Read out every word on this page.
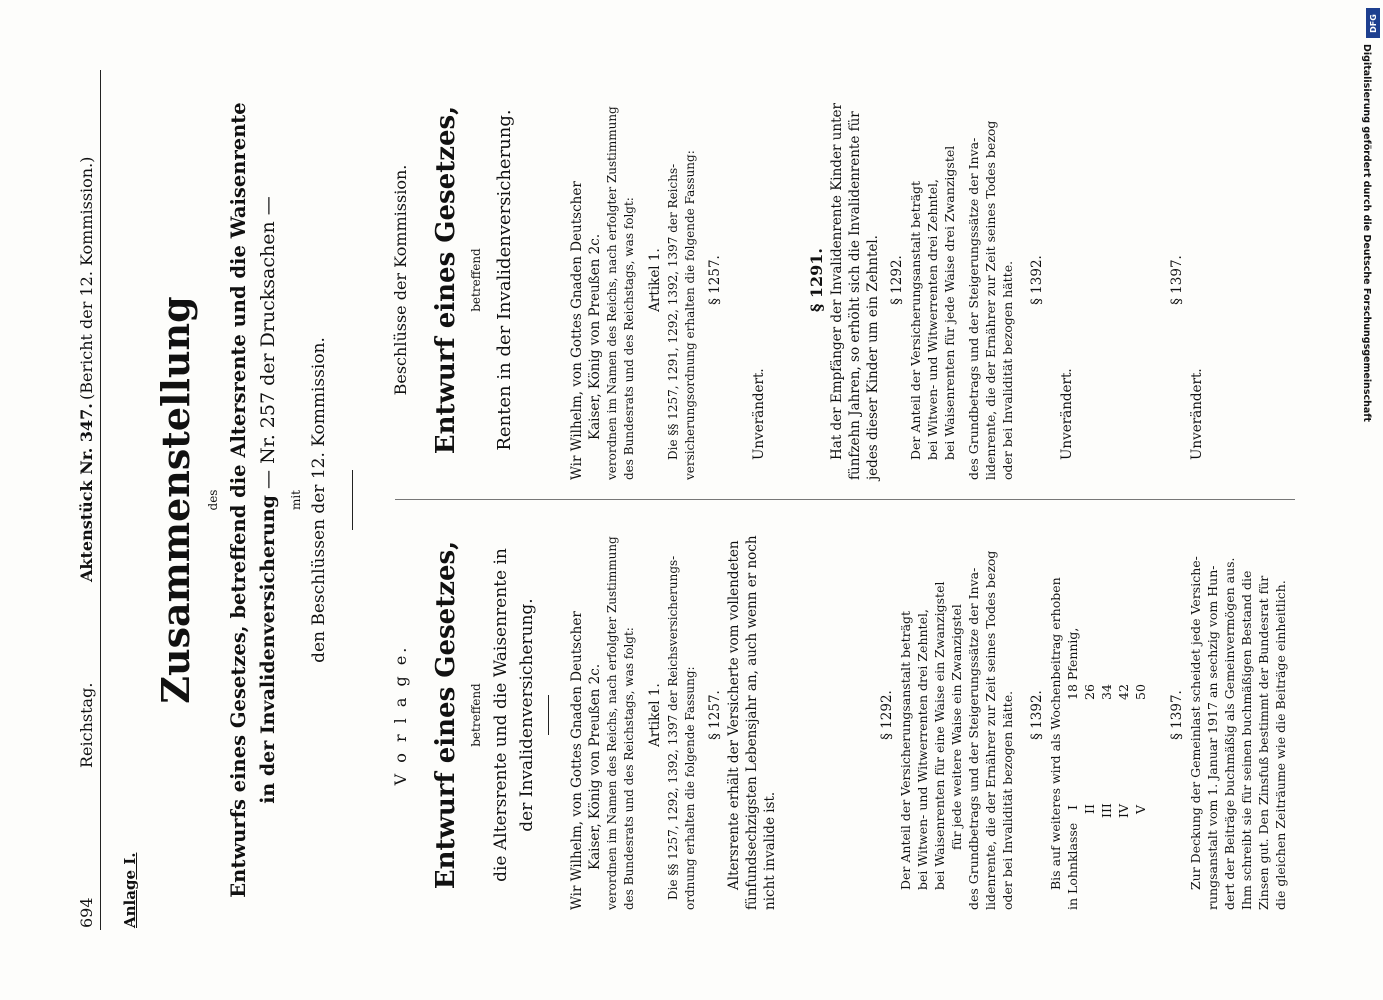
694
Reichstag.
Aktenstück Nr. 347.
(Bericht der 12. Kommission.)
Anlage I.
Zusammenstellung des Entwurfs eines Gesetzes, betreffend die Altersrente und die Waisenrente in der Invalidenversicherung — Nr. 257 der Drucksachen —
mit den Beschlüssen der 12. Kommission.
V o r l a g e. Entwurf eines Gesetzes, betreffend die Altersrente und die Waisenrente in der Invalidenversicherung. Wir Wilhelm, von Gottes Gnaden Deutscher Kaiser, König von Preußen 2c. verordnen im Namen des Reichs, nach erfolgter Zustimmung des Bundesrats und des Reichstags, was folgt: Artikel 1. Die §§ 1257, 1292, 1392, 1397 der Reichsversicherungs- ordnung erhalten die folgende Fassung: § 1257. Altersrente erhält der Versicherte vom vollendeten fünfundsechzigsten Lebensjahr an, auch wenn er noch nicht invalide ist.
§ 1292. Der Anteil der Versicherungsanstalt beträgt bei Witwen- und Witwerrenten drei Zehntel, bei Waisenrenten für eine Waise ein Zwanzigstel für jede weitere Waise ein Zwanzigstel des Grundbetrags und der Steigerungssätze der Inva- lidenrente, die der Ernährer zur Zeit seines Todes bezog oder bei Invalidität bezogen hätte. § 1392. Bis auf weiteres wird als Wochenbeitrag erhoben in Lohnklasse
I
18 Pfennig,
II
26
III
34
IV
42
V
50 § 1397. Zur Deckung der Gemeinlast scheidet jede Versiche- rungsanstalt vom 1. Januar 1917 an sechzig vom Hun- dert der Beiträge buchmäßig als Gemeinvermögen aus. Ihm schreibt sie für seinen buchmäßigen Bestand die Zinsen gut. Den Zinsfuß bestimmt der Bundesrat für die gleichen Zeiträume wie die Beiträge einheitlich.
Beschlüsse der Kommission. Entwurf eines Gesetzes, betreffend Renten in der Invalidenversicherung.	Wir Wilhelm, von Gottes Gnaden Deutscher Kaiser, König von Preußen 2c. verordnen im Namen des Reichs, nach erfolgter Zustimmung des Bundesrats und des Reichstags, was folgt: Artikel 1. Die §§ 1257, 1291, 1292, 1392, 1397 der Reichs- versicherungsordnung erhalten die folgende Fassung: § 1257.
Unverändert.
§ 1291. Hat der Empfänger der Invalidenrente Kinder unter fünfzehn Jahren, so erhöht sich die Invalidenrente für jedes dieser Kinder um ein Zehntel. § 1292. Der Anteil der Versicherungsanstalt beträgt bei Witwen- und Witwerrenten drei Zehntel, bei Waisenrenten für jede Waise drei Zwanzigstel des Grundbetrags und der Steigerungssätze der Inva- lidenrente, die der Ernährer zur Zeit seines Todes bezog oder bei Invalidität bezogen hätte. § 1392.
Unverändert.
§ 1397.
Unverändert.
DFG
Digitalisierung gefördert durch die Deutsche Forschungsgemeinschaft
